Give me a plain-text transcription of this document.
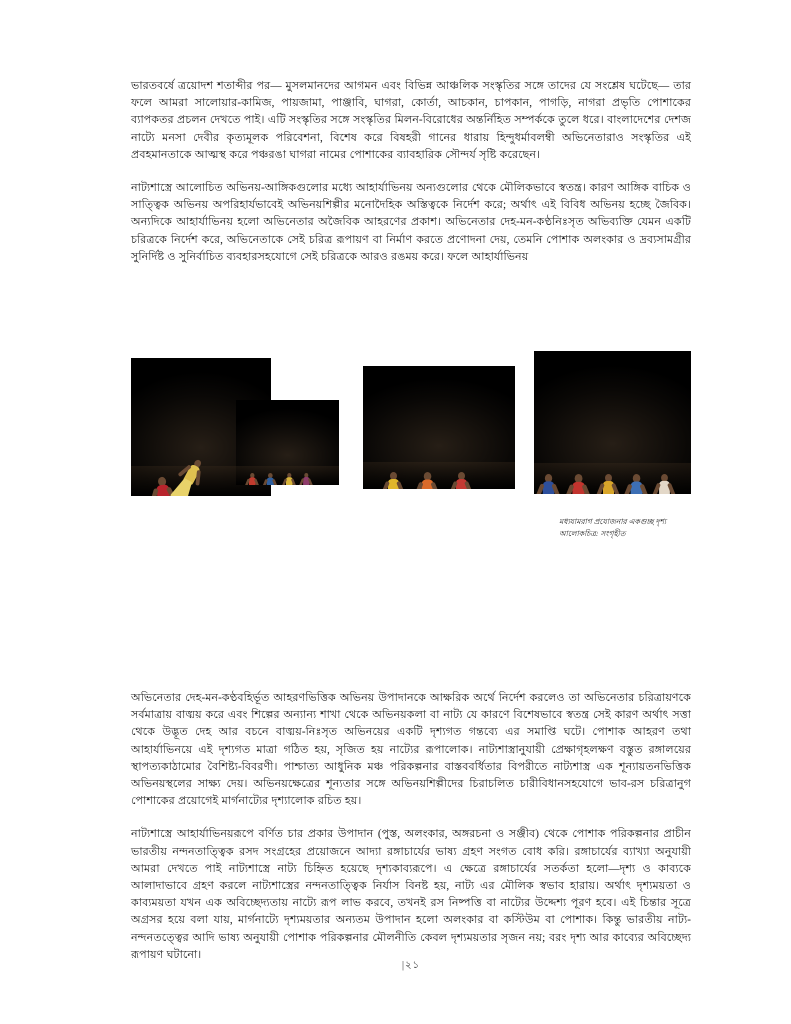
ভারতবর্ষে ত্রয়োদশ শতাব্দীর পর— মুসলমানদের আগমন এবং বিভিন্ন আঞ্চলিক সংস্কৃতির সঙ্গে তাদের যে সংশ্লেষ ঘটেছে— তার ফলে আমরা সালোয়ার-কামিজ, পায়জামা, পাঞ্জাবি, ঘাগরা, কোর্তা, আচকান, চাপকান, পাগড়ি, নাগরা প্রভৃতি পোশাকের ব্যাপকতর প্রচলন দেখতে পাই। এটি সংস্কৃতির সঙ্গে সংস্কৃতির মিলন-বিরোধের অন্তর্নিহিত সম্পর্ককে তুলে ধরে। বাংলাদেশের দেশজ নাট্যে মনসা দেবীর কৃত্যমূলক পরিবেশনা, বিশেষ করে বিষহরী গানের ধারায় হিন্দুধর্মাবলম্বী অভিনেতারাও সংস্কৃতির এই প্রবহমানতাকে আত্মস্থ করে পঞ্চরঙা ঘাগরা নামের পোশাকের ব্যাবহারিক সৌন্দর্য সৃষ্টি করেছেন।

নাট্যশাস্ত্রে আলোচিত অভিনয়-আঙ্গিকগুলোর মধ্যে আহার্যাভিনয় অন্যগুলোর থেকে মৌলিকভাবে স্বতন্ত্র। কারণ আঙ্গিক বাচিক ও সাত্ত্বিক অভিনয় অপরিহার্যভাবেই অভিনয়শিল্পীর মনোদৈহিক অস্তিত্বকে নির্দেশ করে; অর্থাৎ এই বিবিধ অভিনয় হচ্ছে জৈবিক। অন্যদিকে আহার্যাভিনয় হলো অভিনেতার অজৈবিক আহরণের প্রকাশ। অভিনেতার দেহ-মন-কণ্ঠনিঃসৃত অভিব্যক্তি যেমন একটি চরিত্রকে নির্দেশ করে, অভিনেতাকে সেই চরিত্র রূপায়ণ বা নির্মাণ করতে প্রণোদনা দেয়, তেমনি পোশাক অলংকার ও দ্রব্যসামগ্রীর সুনির্দিষ্ট ও সুনির্বাচিত ব্যবহারসহযোগে সেই চরিত্রকে আরও রঙময় করে। ফলে আহার্যাভিনয়

মধ্যযামরাগ প্রযোজনার একগুচ্ছ দৃশ্য

আলোকচিত্র: সংগৃহীত

অভিনেতার দেহ-মন-কণ্ঠবহির্ভূত আহরণভিত্তিক অভিনয় উপাদানকে আক্ষরিক অর্থে নির্দেশ করলেও তা অভিনেতার চরিত্রায়ণকে সর্বমাত্রায় বাঙ্ময় করে এবং শিল্পের অন্যান্য শাখা থেকে অভিনয়কলা বা নাট্য যে কারণে বিশেষভাবে স্বতন্ত্র সেই কারণ অর্থাৎ সত্তা থেকে উদ্ভূত দেহ আর বচনে বাঙ্ময়-নিঃসৃত অভিনয়ের একটি দৃশ্যগত গন্তব্যে এর সমাপ্তি ঘটে। পোশাক আহরণ তথা আহার্যাভিনয়ে এই দৃশ্যগত মাত্রা গঠিত হয়, সৃজিত হয় নাট্যের রূপালোক। নাট্যশাস্ত্রানুযায়ী প্রেক্ষাগৃহলক্ষণ বস্তুত রঙ্গালয়ের স্থাপত্যকাঠামোর বৈশিষ্ট্য-বিবরণী। পাশ্চাত্য আধুনিক মঞ্চ পরিকল্পনার বাস্তববর্ধিতার বিপরীতে নাট্যশাস্ত্র এক শূন্যায়তনভিত্তিক অভিনয়স্থলের সাক্ষ্য দেয়। অভিনয়ক্ষেত্রের শূন্যতার সঙ্গে অভিনয়শিল্পীদের চিরাচলিত চারীবিধানসহযোগে ভাব-রস চরিত্রানুগ পোশাকের প্রয়োগেই মার্গনাট্যের দৃশ্যালোক রচিত হয়।

নাট্যশাস্ত্রে আহার্যাভিনয়রূপে বর্ণিত চার প্রকার উপাদান (পুস্ত, অলংকার, অঙ্গরচনা ও সঞ্জীব) থেকে পোশাক পরিকল্পনার প্রাচীন ভারতীয় নন্দনতাত্ত্বিক রসদ সংগ্রহের প্রয়োজনে আদ্যা রঙ্গাচার্যের ভাষ্য গ্রহণ সংগত বোধ করি। রঙ্গাচার্যের ব্যাখ্যা অনুযায়ী আমরা দেখতে পাই নাট্যশাস্ত্রে নাট্য চিহ্নিত হয়েছে দৃশ্যকাব্যরূপে। এ ক্ষেত্রে রঙ্গাচার্যের সতর্কতা হলো—দৃশ্য ও কাব্যকে আলাদাভাবে গ্রহণ করলে নাট্যশাস্ত্রের নন্দনতাত্ত্বিক নির্যাস বিনষ্ট হয়, নাট্য এর মৌলিক স্বভাব হারায়। অর্থাৎ দৃশ্যময়তা ও কাব্যময়তা যখন এক অবিচ্ছেদ্যতায় নাট্যে রূপ লাভ করবে, তখনই রস নিষ্পত্তি বা নাট্যের উদ্দেশ্য পূরণ হবে। এই চিন্তার সূত্রে অগ্রসর হয়ে বলা যায়, মার্গনাট্যে দৃশ্যময়তার অন্যতম উপাদান হলো অলংকার বা কস্টিউম বা পোশাক। কিন্তু ভারতীয় নাট্য-নন্দনতত্ত্বের আদি ভাষ্য অনুযায়ী পোশাক পরিকল্পনার মৌলনীতি কেবল দৃশ্যময়তার সৃজন নয়; বরং দৃশ্য আর কাব্যের অবিচ্ছেদ্য রূপায়ণ ঘটানো।

|২১
